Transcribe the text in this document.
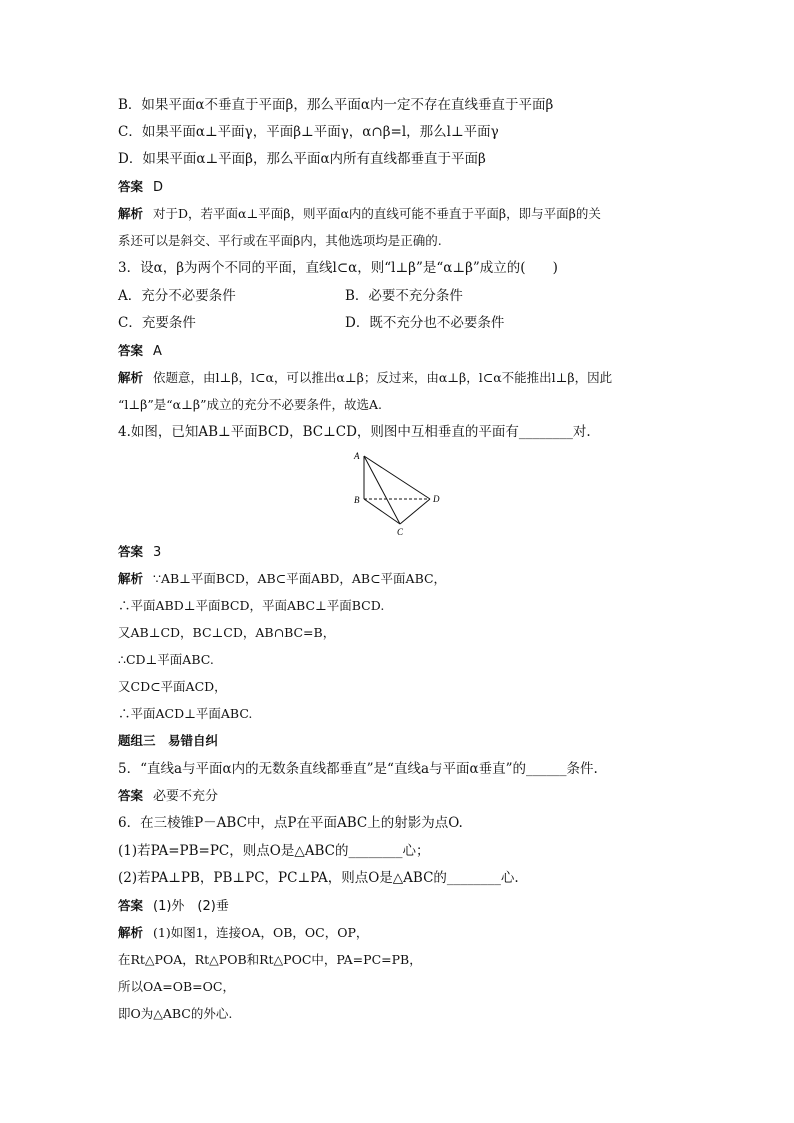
B．如果平面α不垂直于平面β，那么平面α内一定不存在直线垂直于平面β
C．如果平面α⊥平面γ，平面β⊥平面γ，α∩β=l，那么l⊥平面γ
D．如果平面α⊥平面β，那么平面α内所有直线都垂直于平面β
答案 D
解析 对于D，若平面α⊥平面β，则平面α内的直线可能不垂直于平面β，即与平面β的关
系还可以是斜交、平行或在平面β内，其他选项均是正确的.
3．设α，β为两个不同的平面，直线l⊂α，则“l⊥β”是“α⊥β”成立的(　　)
A．充分不必要条件	B．必要不充分条件
C．充要条件	D．既不充分也不必要条件
答案 A
解析 依题意，由l⊥β，l⊂α，可以推出α⊥β；反过来，由α⊥β，l⊂α不能推出l⊥β，因此
“l⊥β”是“α⊥β”成立的充分不必要条件，故选A.
4.如图，已知AB⊥平面BCD，BC⊥CD，则图中互相垂直的平面有________对.
A
B
C
D
答案 3
解析 ∵AB⊥平面BCD，AB⊂平面ABD，AB⊂平面ABC，
∴平面ABD⊥平面BCD，平面ABC⊥平面BCD.
又AB⊥CD，BC⊥CD，AB∩BC=B，
∴CD⊥平面ABC.
又CD⊂平面ACD，
∴平面ACD⊥平面ABC.
题组三　易错自纠
5．“直线a与平面α内的无数条直线都垂直”是“直线a与平面α垂直”的______条件.
答案 必要不充分
6．在三棱锥P－ABC中，点P在平面ABC上的射影为点O.
(1)若PA=PB=PC，则点O是△ABC的________心；
(2)若PA⊥PB，PB⊥PC，PC⊥PA，则点O是△ABC的________心.
答案 (1)外　(2)垂
解析 (1)如图1，连接OA，OB，OC，OP，
在Rt△POA，Rt△POB和Rt△POC中，PA=PC=PB，
所以OA=OB=OC，
即O为△ABC的外心.
